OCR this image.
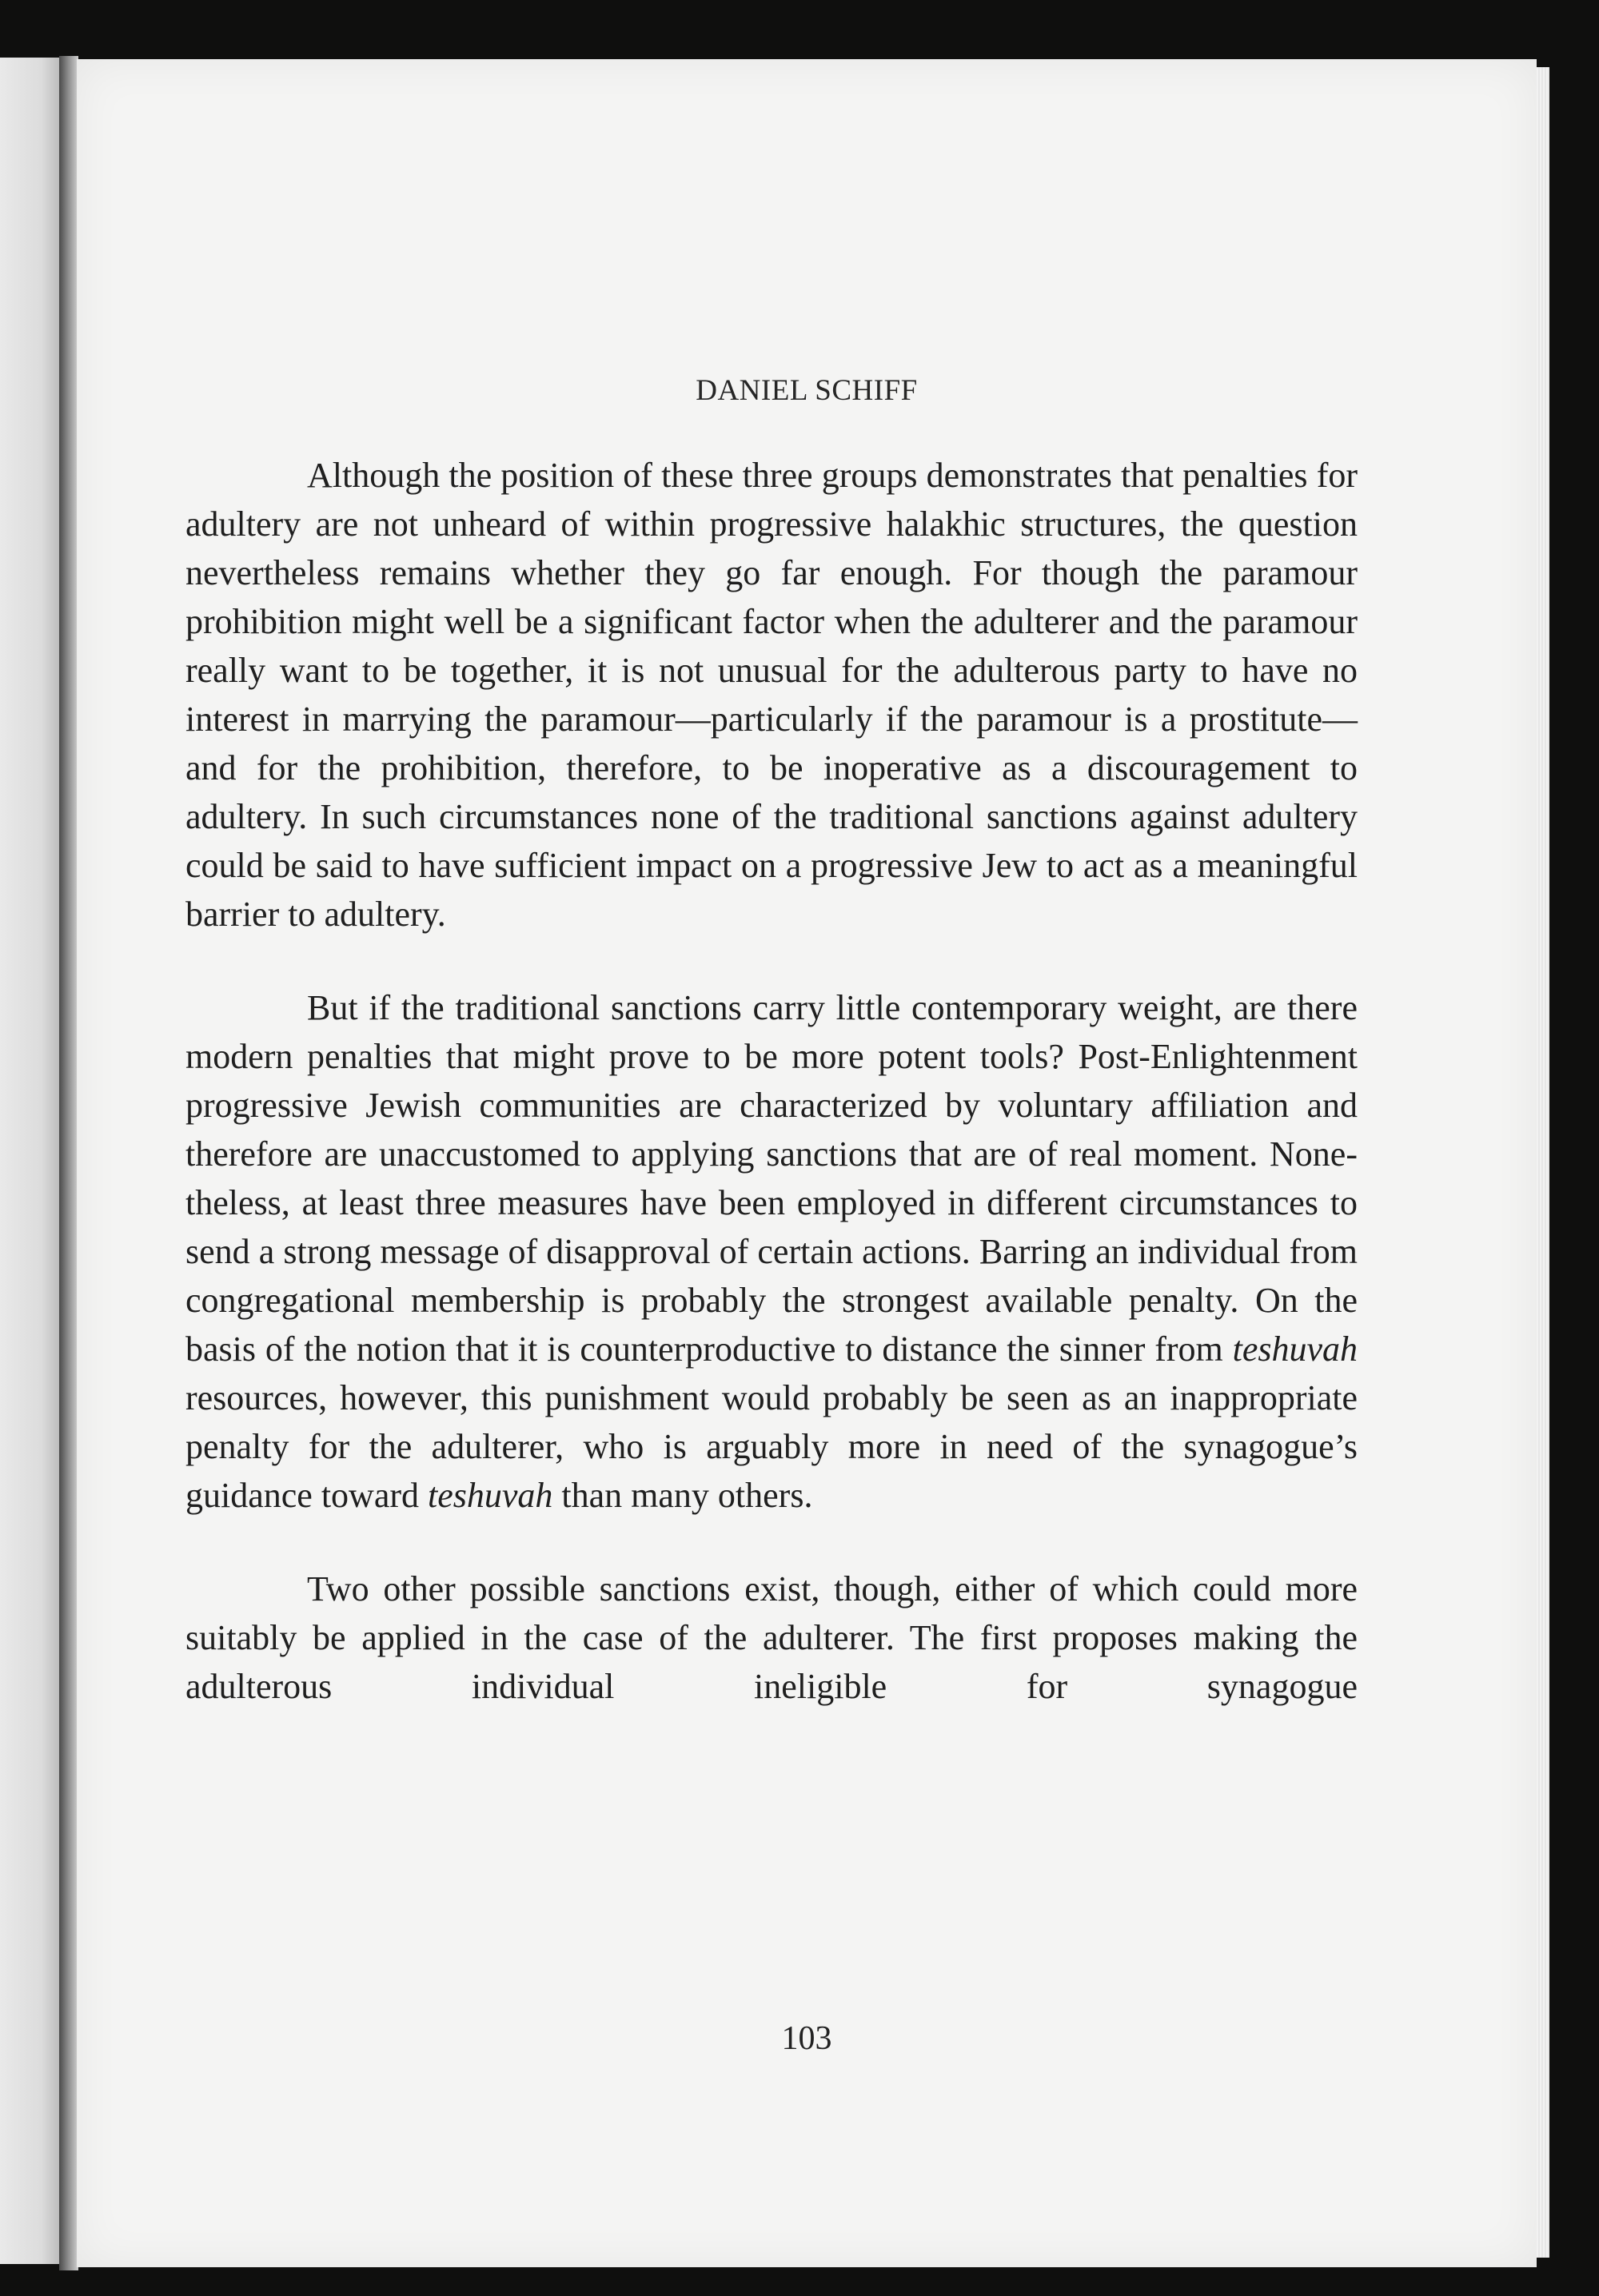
DANIEL SCHIFF

Although the position of these three groups demonstrates that penalties for adultery are not unheard of within progressive halakhic structures, the question nevertheless remains whether they go far enough. For though the paramour prohibition might well be a significant factor when the adulterer and the paramour really want to be together, it is not unusual for the adulterous party to have no interest in marrying the paramour—particularly if the paramour is a prostitute—and for the prohibition, therefore, to be inoperative as a discouragement to adultery. In such circumstances none of the traditional sanctions against adultery could be said to have sufficient impact on a progressive Jew to act as a meaningful barrier to adultery.

But if the traditional sanctions carry little contemporary weight, are there modern penalties that might prove to be more potent tools? Post-Enlightenment progressive Jewish communities are characterized by voluntary affiliation and therefore are unaccustomed to applying sanctions that are of real moment. None-theless, at least three measures have been employed in different circumstances to send a strong message of disapproval of certain actions. Barring an individual from congregational membership is probably the strongest available penalty. On the basis of the notion that it is counterproductive to distance the sinner from teshuvah resources, however, this punishment would probably be seen as an inappropriate penalty for the adulterer, who is arguably more in need of the synagogue’s guidance toward teshuvah than many others.

Two other possible sanctions exist, though, either of which could more suitably be applied in the case of the adulterer. The first proposes making the adulterous individual ineligible for synagogue

103
